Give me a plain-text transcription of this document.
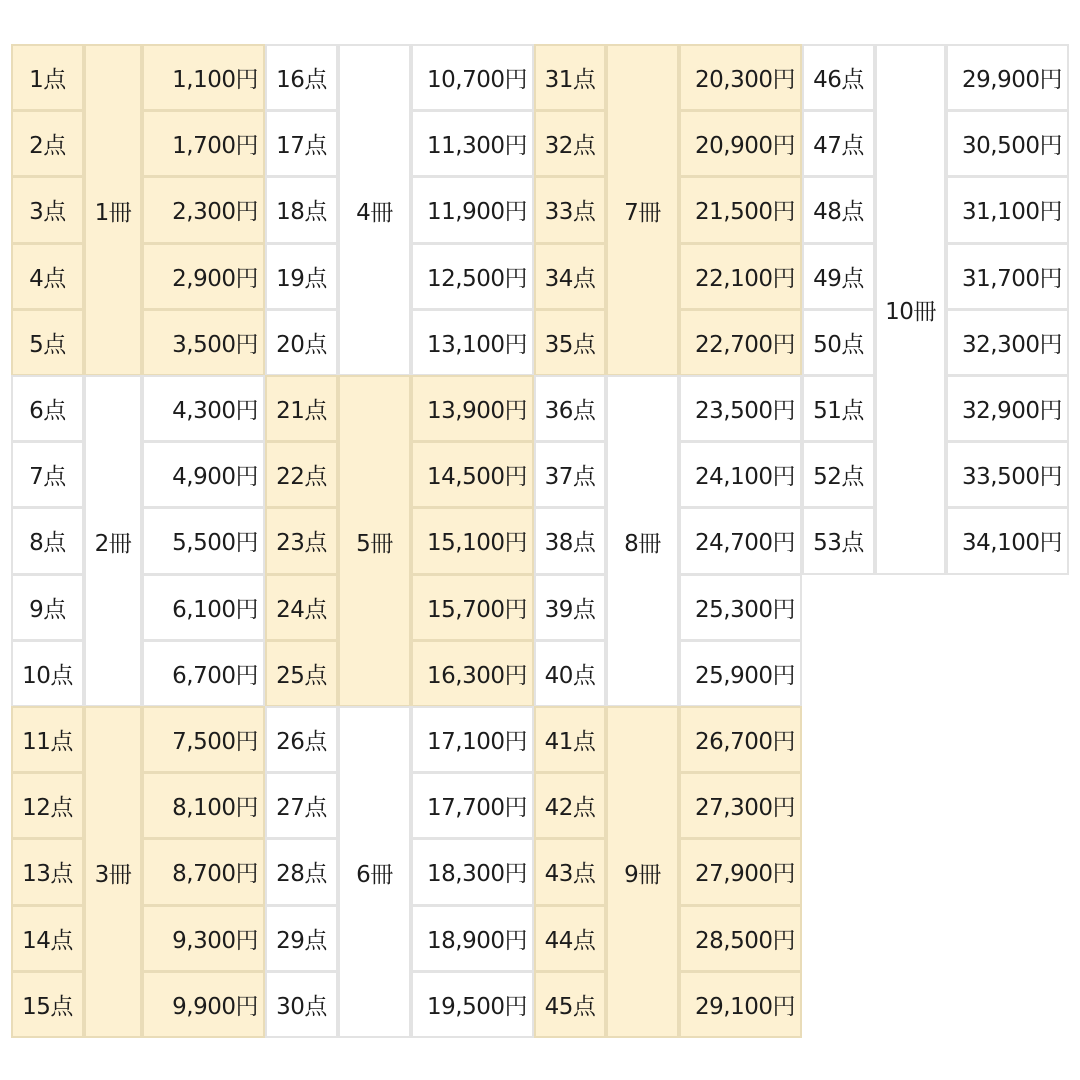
1点	1,100円
2点	1,700円
3点	2,300円
4点	2,900円
5点	3,500円
1冊
6点	4,300円
7点	4,900円
8点	5,500円
9点	6,100円
10点	6,700円
2冊
11点	7,500円
12点	8,100円
13点	8,700円
14点	9,300円
15点	9,900円
3冊
16点	10,700円
17点	11,300円
18点	11,900円
19点	12,500円
20点	13,100円
4冊
21点	13,900円
22点	14,500円
23点	15,100円
24点	15,700円
25点	16,300円
5冊
26点	17,100円
27点	17,700円
28点	18,300円
29点	18,900円
30点	19,500円
6冊
31点	20,300円
32点	20,900円
33点	21,500円
34点	22,100円
35点	22,700円
7冊
36点	23,500円
37点	24,100円
38点	24,700円
39点	25,300円
40点	25,900円
8冊
41点	26,700円
42点	27,300円
43点	27,900円
44点	28,500円
45点	29,100円
9冊
46点	29,900円
47点	30,500円
48点	31,100円
49点	31,700円
50点	32,300円
51点	32,900円
52点	33,500円
53点	34,100円
10冊
